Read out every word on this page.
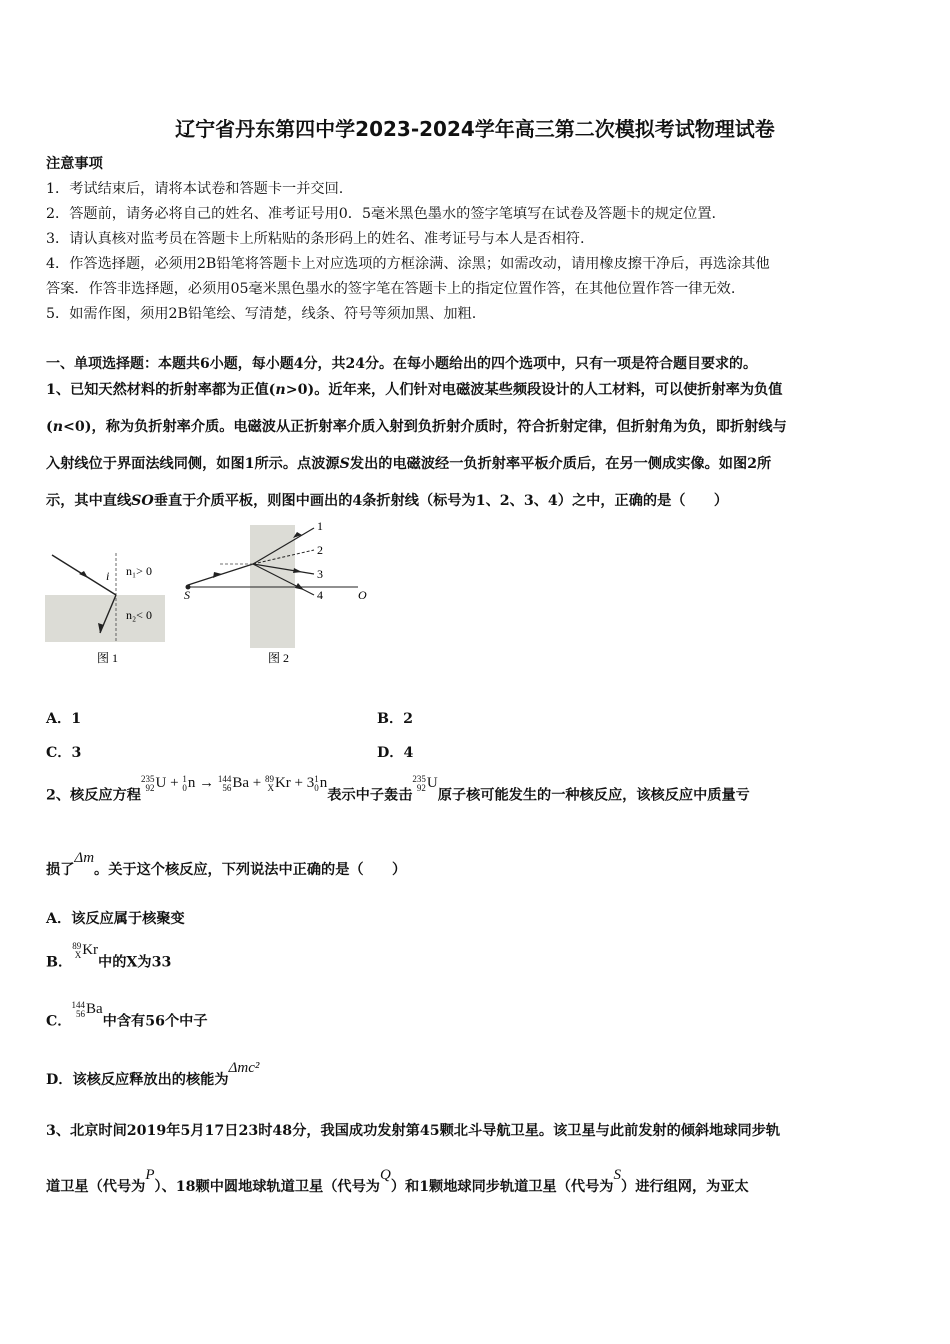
辽宁省丹东第四中学2023-2024学年高三第二次模拟考试物理试卷
注意事项
1．考试结束后，请将本试卷和答题卡一并交回.
2．答题前，请务必将自己的姓名、准考证号用0．5毫米黑色墨水的签字笔填写在试卷及答题卡的规定位置.
3．请认真核对监考员在答题卡上所粘贴的条形码上的姓名、准考证号与本人是否相符.
4．作答选择题，必须用2B铅笔将答题卡上对应选项的方框涂满、涂黑；如需改动，请用橡皮擦干净后，再选涂其他
答案．作答非选择题，必须用05毫米黑色墨水的签字笔在答题卡上的指定位置作答，在其他位置作答一律无效.
5．如需作图，须用2B铅笔绘、写清楚，线条、符号等须加黑、加粗.
一、单项选择题：本题共6小题，每小题4分，共24分。在每小题给出的四个选项中，只有一项是符合题目要求的。
1、已知天然材料的折射率都为正值(n>0)。近年来，人们针对电磁波某些频段设计的人工材料，可以使折射率为负值
(n<0)，称为负折射率介质。电磁波从正折射率介质入射到负折射介质时，符合折射定律，但折射角为负，即折射线与
入射线位于界面法线同侧，如图1所示。点波源S发出的电磁波经一负折射率平板介质后，在另一侧成实像。如图2所
示，其中直线SO垂直于介质平板，则图中画出的4条折射线（标号为1、2、3、4）之中，正确的是（　　）
i n₁> 0
n₂< 0
图 1
1
2
3
4
S	O
图 2
A．1	B．2
C．3	D．4
2、核反应方程235
92U + 1
0n → 144
56Ba + 89
XKr + 31
0n表示中子轰击235
92U原子核可能发生的一种核反应，该核反应中质量亏
损了Δm。关于这个核反应，下列说法中正确的是（　　）
A．该反应属于核聚变
B．89
XKr中的X为33
C．144
56Ba中含有56个中子
D．该核反应释放出的核能为Δmc²
3、北京时间2019年5月17日23时48分，我国成功发射第45颗北斗导航卫星。该卫星与此前发射的倾斜地球同步轨
道卫星（代号为P）、18颗中圆地球轨道卫星（代号为Q）和1颗地球同步轨道卫星（代号为S）进行组网，为亚太
